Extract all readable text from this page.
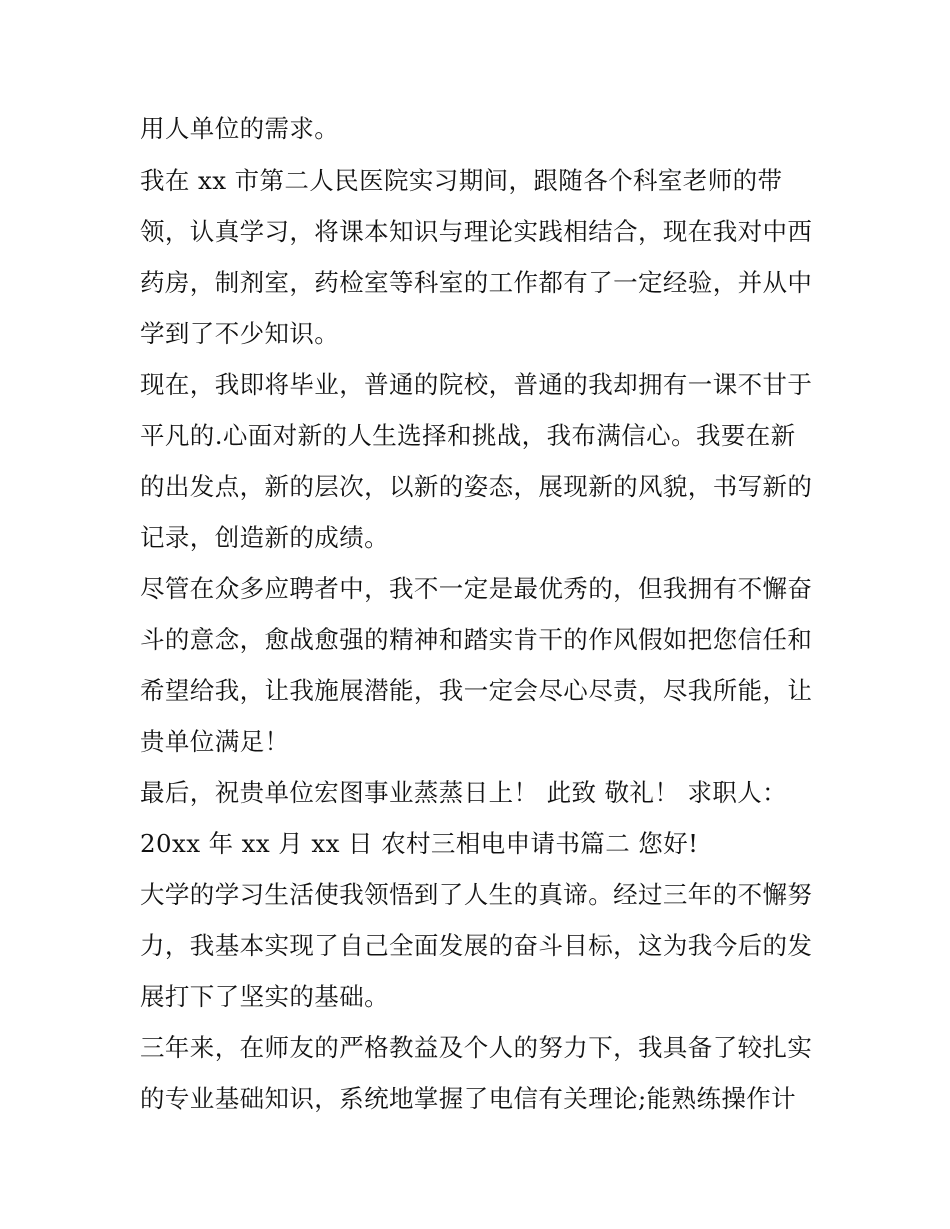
用人单位的需求。
我在 xx 市第二人民医院实习期间，跟随各个科室老师的带
领，认真学习，将课本知识与理论实践相结合，现在我对中西
药房，制剂室，药检室等科室的工作都有了一定经验，并从中
学到了不少知识。
现在，我即将毕业，普通的院校，普通的我却拥有一课不甘于
平凡的.心面对新的人生选择和挑战，我布满信心。我要在新
的出发点，新的层次，以新的姿态，展现新的风貌，书写新的
记录，创造新的成绩。
尽管在众多应聘者中，我不一定是最优秀的，但我拥有不懈奋
斗的意念，愈战愈强的精神和踏实肯干的作风假如把您信任和
希望给我，让我施展潜能，我一定会尽心尽责，尽我所能，让
贵单位满足！
最后，祝贵单位宏图事业蒸蒸日上！ 此致 敬礼！ 求职人：
20xx 年 xx 月 xx 日 农村三相电申请书篇二 您好!
大学的学习生活使我领悟到了人生的真谛。经过三年的不懈努
力，我基本实现了自己全面发展的奋斗目标，这为我今后的发
展打下了坚实的基础。
三年来，在师友的严格教益及个人的努力下，我具备了较扎实
的专业基础知识，系统地掌握了电信有关理论;能熟练操作计
